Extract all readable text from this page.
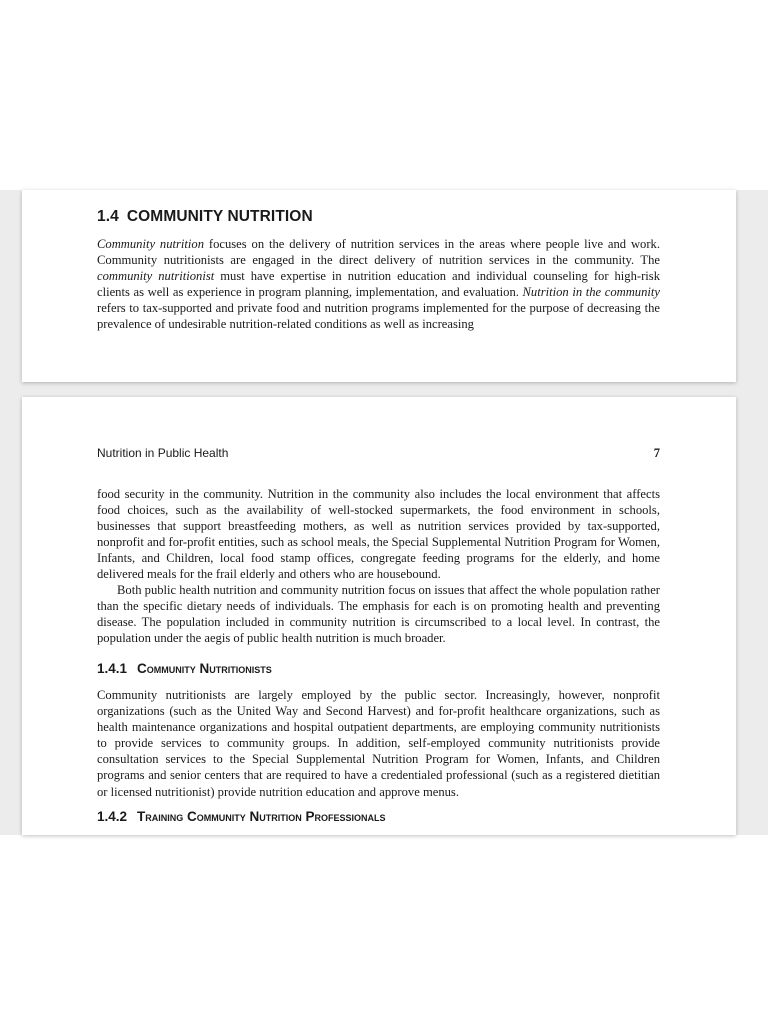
1.4 COMMUNITY NUTRITION

Community nutrition focuses on the delivery of nutrition services in the areas where people live and work. Community nutritionists are engaged in the direct delivery of nutrition services in the community. The community nutritionist must have expertise in nutrition education and individual counseling for high-risk clients as well as experience in program planning, implementation, and evaluation. Nutrition in the community refers to tax-supported and private food and nutrition programs implemented for the purpose of decreasing the prevalence of undesirable nutrition-related conditions as well as increasing

Nutrition in Public Health	7

food security in the community. Nutrition in the community also includes the local environment that affects food choices, such as the availability of well-stocked supermarkets, the food environment in schools, businesses that support breastfeeding mothers, as well as nutrition services provided by tax-supported, nonprofit and for-profit entities, such as school meals, the Special Supplemental Nutrition Program for Women, Infants, and Children, local food stamp offices, congregate feeding programs for the elderly, and home delivered meals for the frail elderly and others who are housebound.

Both public health nutrition and community nutrition focus on issues that affect the whole population rather than the specific dietary needs of individuals. The emphasis for each is on promoting health and preventing disease. The population included in community nutrition is circumscribed to a local level. In contrast, the population under the aegis of public health nutrition is much broader.

1.4.1 Community Nutritionists

Community nutritionists are largely employed by the public sector. Increasingly, however, nonprofit organizations (such as the United Way and Second Harvest) and for-profit healthcare organizations, such as health maintenance organizations and hospital outpatient departments, are employing community nutritionists to provide services to community groups. In addition, self-employed community nutritionists provide consultation services to the Special Supplemental Nutrition Program for Women, Infants, and Children programs and senior centers that are required to have a credentialed professional (such as a registered dietitian or licensed nutritionist) provide nutrition education and approve menus.

1.4.2 Training Community Nutrition Professionals
